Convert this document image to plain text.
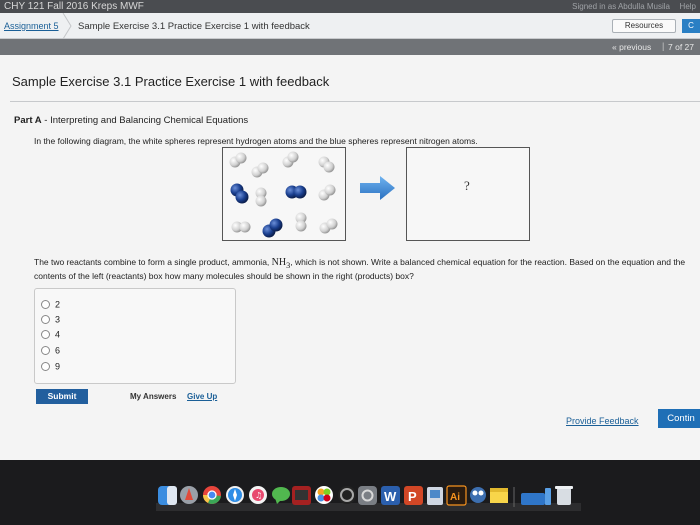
CHY 121 Fall 2016 Kreps MWF	Signed in as Abdulla Musila Help
Assignment 5 Sample Exercise 3.1 Practice Exercise 1 with feedback	Resources	C
« previous | 7 of 27
Sample Exercise 3.1 Practice Exercise 1 with feedback
Part A - Interpreting and Balancing Chemical Equations
In the following diagram, the white spheres represent hydrogen atoms and the blue spheres represent nitrogen atoms.
?
The two reactants combine to form a single product, ammonia, $NH_3$, which is not shown. Write a balanced chemical equation for the reaction. Based on the equation and the contents of the left (reactants) box how many molecules should be shown in the right (products) box?
2
3
4
6
9
Submit	My Answers Give Up
Provide Feedback	Contin
♫	W P	Ai
